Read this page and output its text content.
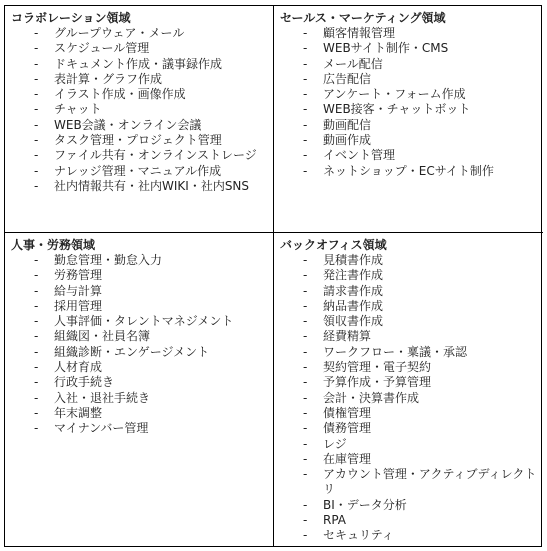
コラボレーション領域

- グループウェア・メール
- スケジュール管理
- ドキュメント作成・議事録作成
- 表計算・グラフ作成
- イラスト作成・画像作成
- チャット
- WEB会議・オンライン会議
- タスク管理・プロジェクト管理
- ファイル共有・オンラインストレージ
- ナレッジ管理・マニュアル作成
- 社内情報共有・社内WIKI・社内SNS

セールス・マーケティング領域

- 顧客情報管理
- WEBサイト制作・CMS
- メール配信
- 広告配信
- アンケート・フォーム作成
- WEB接客・チャットボット
- 動画配信
- 動画作成
- イベント管理
- ネットショップ・ECサイト制作

人事・労務領域

- 勤怠管理・勤怠入力
- 労務管理
- 給与計算
- 採用管理
- 人事評価・タレントマネジメント
- 組織図・社員名簿
- 組織診断・エンゲージメント
- 人材育成
- 行政手続き
- 入社・退社手続き
- 年末調整
- マイナンバー管理

バックオフィス領域

- 見積書作成
- 発注書作成
- 請求書作成
- 納品書作成
- 領収書作成
- 経費精算
- ワークフロー・稟議・承認
- 契約管理・電子契約
- 予算作成・予算管理
- 会計・決算書作成
- 債権管理
- 債務管理
- レジ
- 在庫管理
- アカウント管理・アクティブディレクトリ
- BI・データ分析
- RPA
- セキュリティ
